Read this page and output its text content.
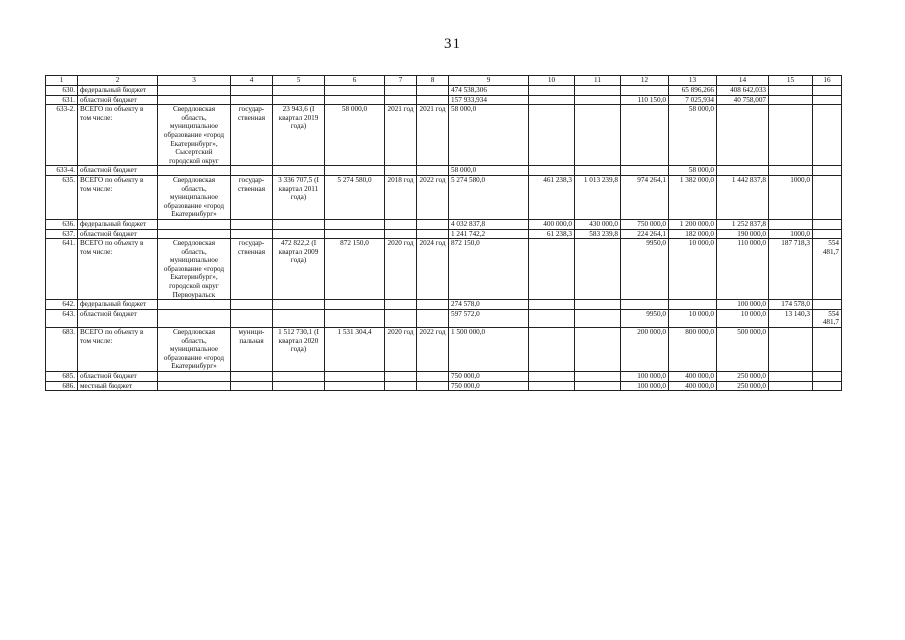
31
1	2	3	4	5	6	7	8	9	10	11	12	13	14	15	16
630.	федеральный бюджет							474 538,306				65 896,266	408 642,033		
631.	областной бюджет							157 933,934			110 150,0	7 025,934	40 758,007		
633-2.	ВСЕГО по объекту в том числе:	Свердловская область, муниципальное образование «город Екатеринбург», Сысертский городской округ	государ-ственная	23 943,6 (I квартал 2019 года)	58 000,0	2021 год	2021 год	58 000,0				58 000,0			
633-4.	областной бюджет							58 000,0				58 000,0			
635.	ВСЕГО по объекту в том числе:	Свердловская область, муниципальное образование «город Екатеринбург»	государ-ственная	3 336 707,5 (I квартал 2011 года)	5 274 580,0	2018 год	2022 год	5 274 580,0	461 238,3	1 013 239,8	974 264,1	1 382 000,0	1 442 837,8	1000,0	
636.	федеральный бюджет							4 032 837,8	400 000,0	430 000,0	750 000,0	1 200 000,0	1 252 837,8		
637.	областной бюджет							1 241 742,2	61 238,3	583 239,8	224 264,1	182 000,0	190 000,0	1000,0	
641.	ВСЕГО по объекту в том числе:	Свердловская область, муниципальное образование «город Екатеринбург», городской округ Первоуральск	государ-ственная	472 822,2 (I квартал 2009 года)	872 150,0	2020 год	2024 год	872 150,0			9950,0	10 000,0	110 000,0	187 718,3	554 481,7
642.	федеральный бюджет							274 578,0					100 000,0	174 578,0	
643.	областной бюджет							597 572,0			9950,0	10 000,0	10 000,0	13 140,3	554 481,7
683.	ВСЕГО по объекту в том числе:	Свердловская область, муниципальное образование «город Екатеринбург»	муници-пальная	1 512 730,1 (I квартал 2020 года)	1 531 304,4	2020 год	2022 год	1 500 000,0			200 000,0	800 000,0	500 000,0		
685.	областной бюджет							750 000,0			100 000,0	400 000,0	250 000,0		
686.	местный бюджет							750 000,0			100 000,0	400 000,0	250 000,0		
